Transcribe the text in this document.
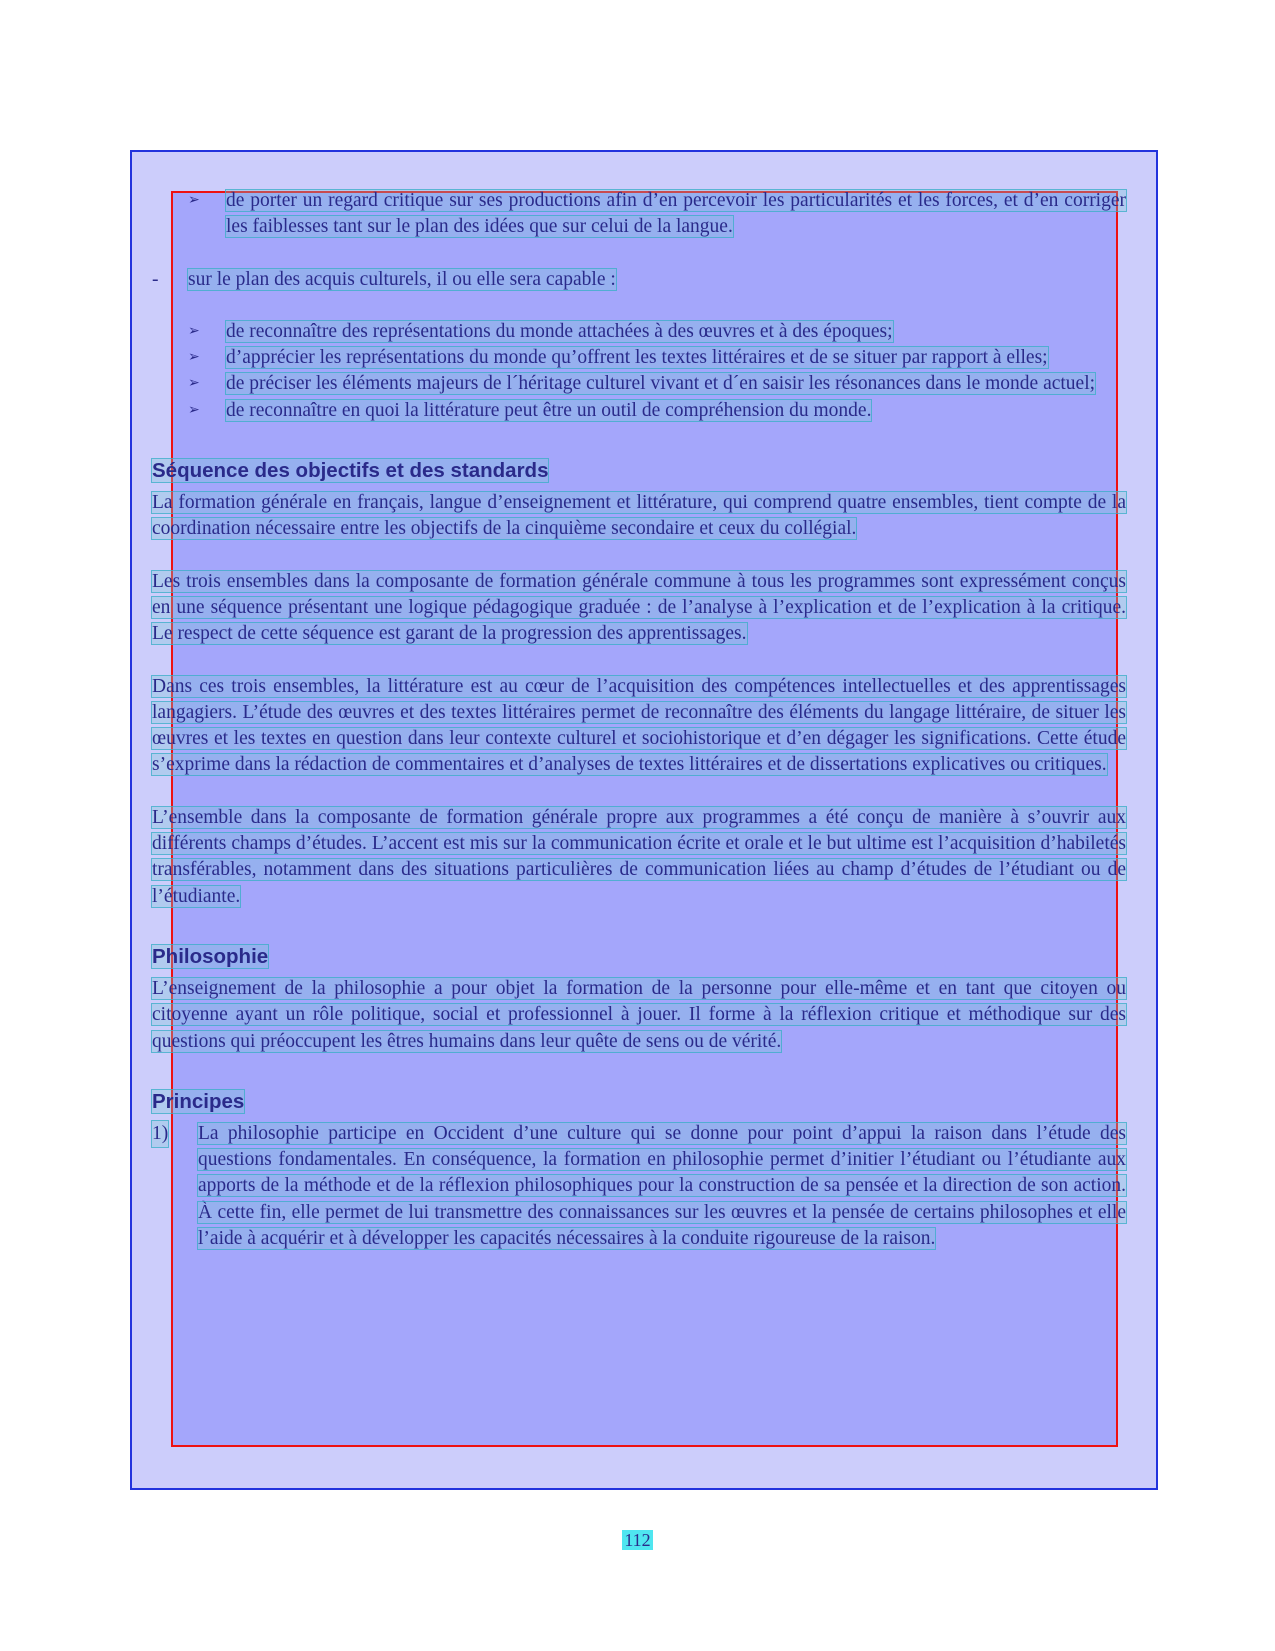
➢ de porter un regard critique sur ses productions afin d’en percevoir les particularités et les forces, et d’en corriger les faiblesses tant sur le plan des idées que sur celui de la langue.
- sur le plan des acquis culturels, il ou elle sera capable :
➢ de reconnaître des représentations du monde attachées à des œuvres et à des époques;
➢ d’apprécier les représentations du monde qu’offrent les textes littéraires et de se situer par rapport à elles;
➢ de préciser les éléments majeurs de l´héritage culturel vivant et d´en saisir les résonances dans le monde actuel;
➢ de reconnaître en quoi la littérature peut être un outil de compréhension du monde.
Séquence des objectifs et des standards

La formation générale en français, langue d’enseignement et littérature, qui comprend quatre ensembles, tient compte de la coordination nécessaire entre les objectifs de la cinquième secondaire et ceux du collégial.

Les trois ensembles dans la composante de formation générale commune à tous les programmes sont expressément conçus en une séquence présentant une logique pédagogique graduée : de l’analyse à l’explication et de l’explication à la critique. Le respect de cette séquence est garant de la progression des apprentissages.

Dans ces trois ensembles, la littérature est au cœur de l’acquisition des compétences intellectuelles et des apprentissages langagiers. L’étude des œuvres et des textes littéraires permet de reconnaître des éléments du langage littéraire, de situer les œuvres et les textes en question dans leur contexte culturel et sociohistorique et d’en dégager les significations. Cette étude s’exprime dans la rédaction de commentaires et d’analyses de textes littéraires et de dissertations explicatives ou critiques.

L’ensemble dans la composante de formation générale propre aux programmes a été conçu de manière à s’ouvrir aux différents champs d’études. L’accent est mis sur la communication écrite et orale et le but ultime est l’acquisition d’habiletés transférables, notamment dans des situations particulières de communication liées au champ d’études de l’étudiant ou de l’étudiante.

Philosophie

L’enseignement de la philosophie a pour objet la formation de la personne pour elle-même et en tant que citoyen ou citoyenne ayant un rôle politique, social et professionnel à jouer. Il forme à la réflexion critique et méthodique sur des questions qui préoccupent les êtres humains dans leur quête de sens ou de vérité.

Principes
1) La philosophie participe en Occident d’une culture qui se donne pour point d’appui la raison dans l’étude des questions fondamentales. En conséquence, la formation en philosophie permet d’initier l’étudiant ou l’étudiante aux apports de la méthode et de la réflexion philosophiques pour la construction de sa pensée et la direction de son action. À cette fin, elle permet de lui transmettre des connaissances sur les œuvres et la pensée de certains philosophes et elle l’aide à acquérir et à développer les capacités nécessaires à la conduite rigoureuse de la raison.
112
